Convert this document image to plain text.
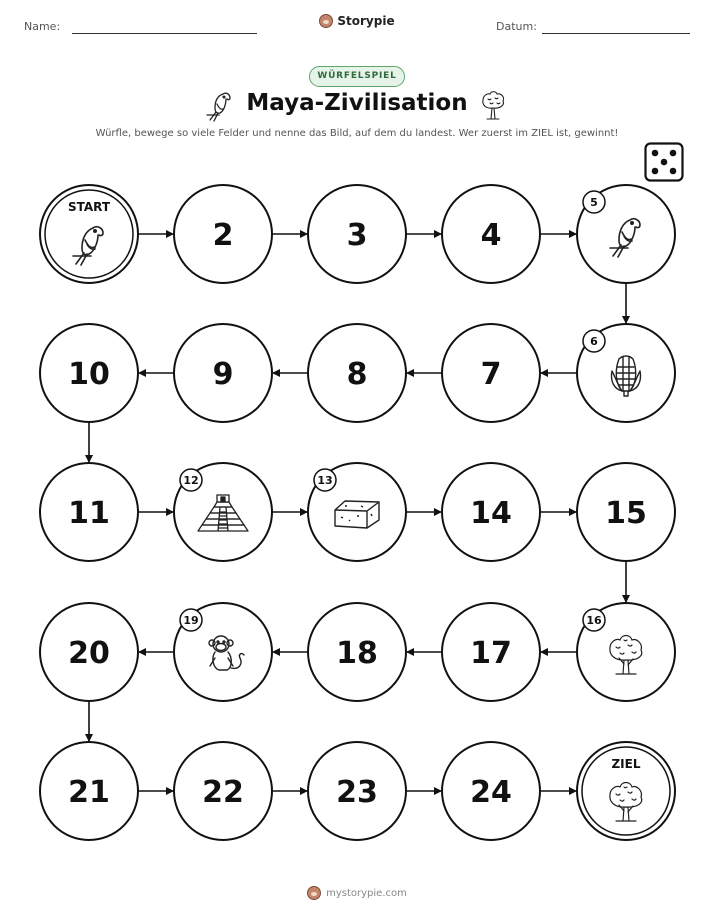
Name:	Storypie	Datum:
WÜRFELSPIEL
Maya-Zivilisation
Würfle, bewege so viele Felder und nenne das Bild, auf dem du landest. Wer zuerst im ZIEL ist, gewinnt!
START
2	3	4
5
6
7
8
9
10
11
12	13
14	15
16
17
18
19
20
21	22	23	24
ZIEL
mystorypie.com
